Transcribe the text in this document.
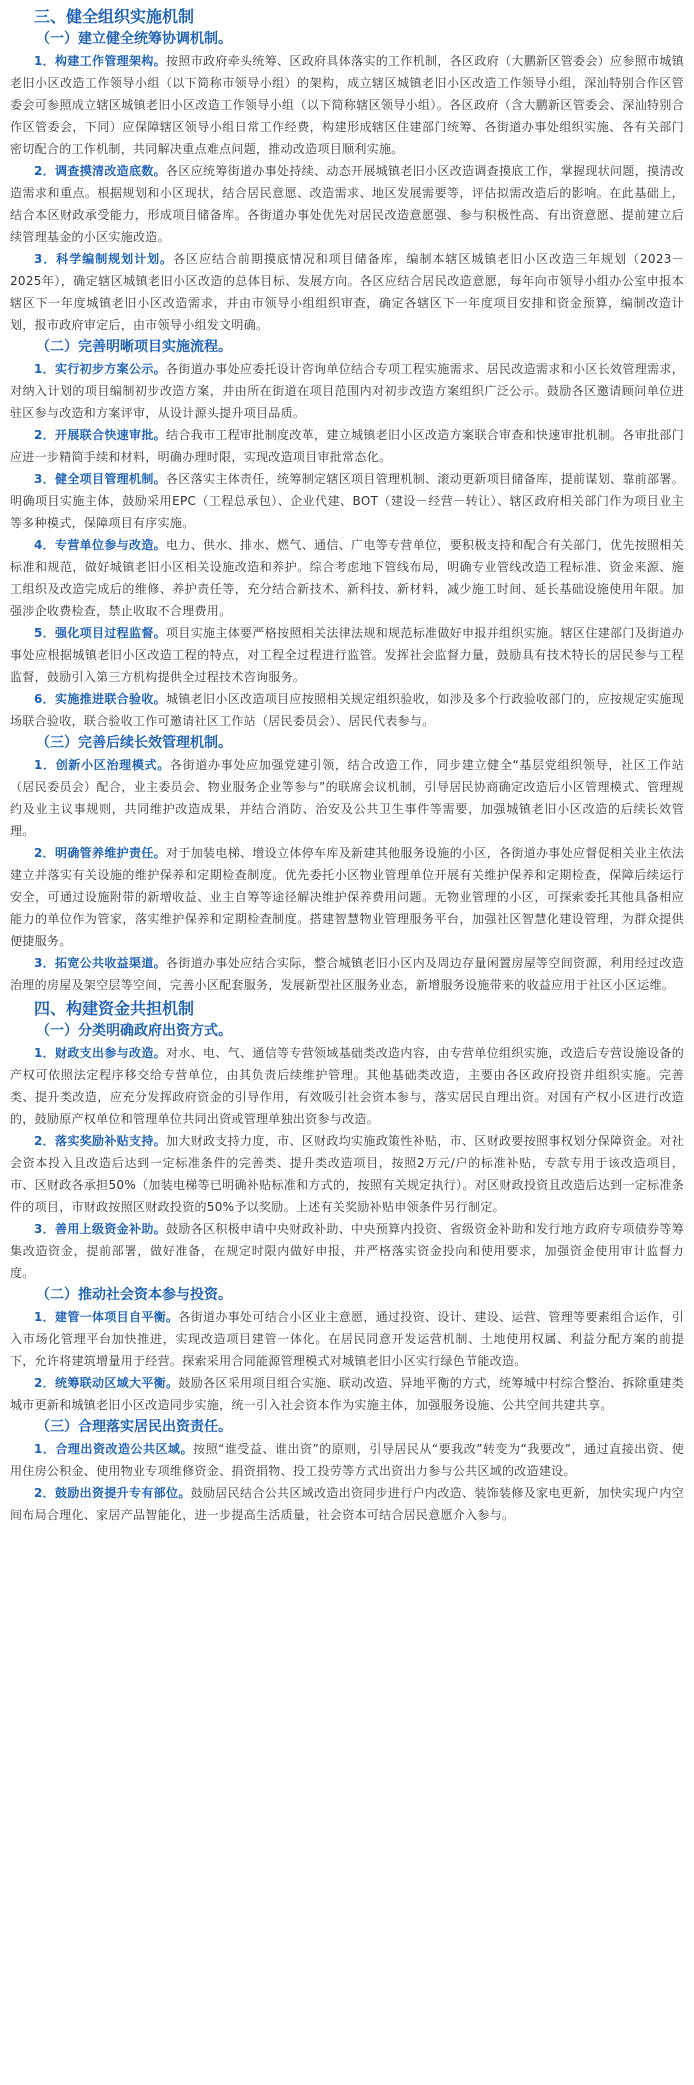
三、健全组织实施机制
（一）建立健全统筹协调机制。

1．构建工作管理架构。按照市政府牵头统筹、区政府具体落实的工作机制，各区政府（大鹏新区管委会）应参照市城镇老旧小区改造工作领导小组（以下简称市领导小组）的架构，成立辖区城镇老旧小区改造工作领导小组，深汕特别合作区管委会可参照成立辖区城镇老旧小区改造工作领导小组（以下简称辖区领导小组）。各区政府（含大鹏新区管委会、深汕特别合作区管委会，下同）应保障辖区领导小组日常工作经费，构建形成辖区住建部门统筹、各街道办事处组织实施、各有关部门密切配合的工作机制，共同解决重点难点问题，推动改造项目顺利实施。

2．调查摸清改造底数。各区应统筹街道办事处持续、动态开展城镇老旧小区改造调查摸底工作，掌握现状问题，摸清改造需求和重点。根据规划和小区现状，结合居民意愿、改造需求、地区发展需要等，评估拟需改造后的影响。在此基础上，结合本区财政承受能力，形成项目储备库。各街道办事处优先对居民改造意愿强、参与积极性高、有出资意愿、提前建立后续管理基金的小区实施改造。

3．科学编制规划计划。各区应结合前期摸底情况和项目储备库，编制本辖区城镇老旧小区改造三年规划（2023－2025年），确定辖区城镇老旧小区改造的总体目标、发展方向。各区应结合居民改造意愿，每年向市领导小组办公室申报本辖区下一年度城镇老旧小区改造需求，并由市领导小组组织审查，确定各辖区下一年度项目安排和资金预算，编制改造计划，报市政府审定后，由市领导小组发文明确。

（二）完善明晰项目实施流程。

1．实行初步方案公示。各街道办事处应委托设计咨询单位结合专项工程实施需求、居民改造需求和小区长效管理需求，对纳入计划的项目编制初步改造方案，并由所在街道在项目范围内对初步改造方案组织广泛公示。鼓励各区邀请顾问单位进驻区参与改造和方案评审，从设计源头提升项目品质。

2．开展联合快速审批。结合我市工程审批制度改革，建立城镇老旧小区改造方案联合审查和快速审批机制。各审批部门应进一步精简手续和材料，明确办理时限，实现改造项目审批常态化。

3．健全项目管理机制。各区落实主体责任，统筹制定辖区项目管理机制、滚动更新项目储备库，提前谋划、靠前部署。明确项目实施主体，鼓励采用EPC（工程总承包）、企业代建、BOT（建设－经营－转让）、辖区政府相关部门作为项目业主等多种模式，保障项目有序实施。

4．专营单位参与改造。电力、供水、排水、燃气、通信、广电等专营单位，要积极支持和配合有关部门，优先按照相关标准和规范，做好城镇老旧小区相关设施改造和养护。综合考虑地下管线布局，明确专业管线改造工程标准、资金来源、施工组织及改造完成后的维修、养护责任等，充分结合新技术、新科技、新材料，减少施工时间、延长基础设施使用年限。加强涉企收费检查，禁止收取不合理费用。

5．强化项目过程监督。项目实施主体要严格按照相关法律法规和规范标准做好申报并组织实施。辖区住建部门及街道办事处应根据城镇老旧小区改造工程的特点，对工程全过程进行监管。发挥社会监督力量，鼓励具有技术特长的居民参与工程监督，鼓励引入第三方机构提供全过程技术咨询服务。

6．实施推进联合验收。城镇老旧小区改造项目应按照相关规定组织验收，如涉及多个行政验收部门的，应按规定实施现场联合验收，联合验收工作可邀请社区工作站（居民委员会）、居民代表参与。

（三）完善后续长效管理机制。

1．创新小区治理模式。各街道办事处应加强党建引领，结合改造工作，同步建立健全“基层党组织领导，社区工作站（居民委员会）配合，业主委员会、物业服务企业等参与”的联席会议机制，引导居民协商确定改造后小区管理模式、管理规约及业主议事规则，共同维护改造成果，并结合消防、治安及公共卫生事件等需要，加强城镇老旧小区改造的后续长效管理。

2．明确管养维护责任。对于加装电梯、增设立体停车库及新建其他服务设施的小区，各街道办事处应督促相关业主依法建立并落实有关设施的维护保养和定期检查制度。优先委托小区物业管理单位开展有关维护保养和定期检查，保障后续运行安全，可通过设施附带的新增收益、业主自筹等途径解决维护保养费用问题。无物业管理的小区，可探索委托其他具备相应能力的单位作为管家，落实维护保养和定期检查制度。搭建智慧物业管理服务平台，加强社区智慧化建设管理，为群众提供便捷服务。

3．拓宽公共收益渠道。各街道办事处应结合实际，整合城镇老旧小区内及周边存量闲置房屋等空间资源，利用经过改造治理的房屋及架空层等空间，完善小区配套服务，发展新型社区服务业态，新增服务设施带来的收益应用于社区小区运维。

四、构建资金共担机制
（一）分类明确政府出资方式。

1．财政支出参与改造。对水、电、气、通信等专营领域基础类改造内容，由专营单位组织实施，改造后专营设施设备的产权可依照法定程序移交给专营单位，由其负责后续维护管理。其他基础类改造，主要由各区政府投资并组织实施。完善类、提升类改造，应充分发挥政府资金的引导作用，有效吸引社会资本参与，落实居民自理出资。对国有产权小区进行改造的，鼓励原产权单位和管理单位共同出资或管理单独出资参与改造。

2．落实奖励补贴支持。加大财政支持力度，市、区财政均实施政策性补贴，市、区财政要按照事权划分保障资金。对社会资本投入且改造后达到一定标准条件的完善类、提升类改造项目，按照2万元/户的标准补贴，专款专用于该改造项目，市、区财政各承担50%（加装电梯等已明确补贴标准和方式的，按照有关规定执行）。对区财政投资且改造后达到一定标准条件的项目，市财政按照区财政投资的50%予以奖励。上述有关奖励补贴申领条件另行制定。

3．善用上级资金补助。鼓励各区积极申请中央财政补助、中央预算内投资、省级资金补助和发行地方政府专项债券等筹集改造资金，提前部署，做好准备，在规定时限内做好申报，并严格落实资金投向和使用要求，加强资金使用审计监督力度。

（二）推动社会资本参与投资。

1．建管一体项目自平衡。各街道办事处可结合小区业主意愿，通过投资、设计、建设、运营、管理等要素组合运作，引入市场化管理平台加快推进，实现改造项目建管一体化。在居民同意开发运营机制、土地使用权属、利益分配方案的前提下，允许将建筑增量用于经营。探索采用合同能源管理模式对城镇老旧小区实行绿色节能改造。

2．统筹联动区域大平衡。鼓励各区采用项目组合实施、联动改造、异地平衡的方式，统筹城中村综合整治、拆除重建类城市更新和城镇老旧小区改造同步实施，统一引入社会资本作为实施主体，加强服务设施、公共空间共建共享。

（三）合理落实居民出资责任。

1．合理出资改造公共区域。按照“谁受益、谁出资”的原则，引导居民从“要我改”转变为“我要改”，通过直接出资、使用住房公积金、使用物业专项维修资金、捐资捐物、投工投劳等方式出资出力参与公共区域的改造建设。

2．鼓励出资提升专有部位。鼓励居民结合公共区域改造出资同步进行户内改造、装饰装修及家电更新，加快实现户内空间布局合理化、家居产品智能化，进一步提高生活质量，社会资本可结合居民意愿介入参与。
